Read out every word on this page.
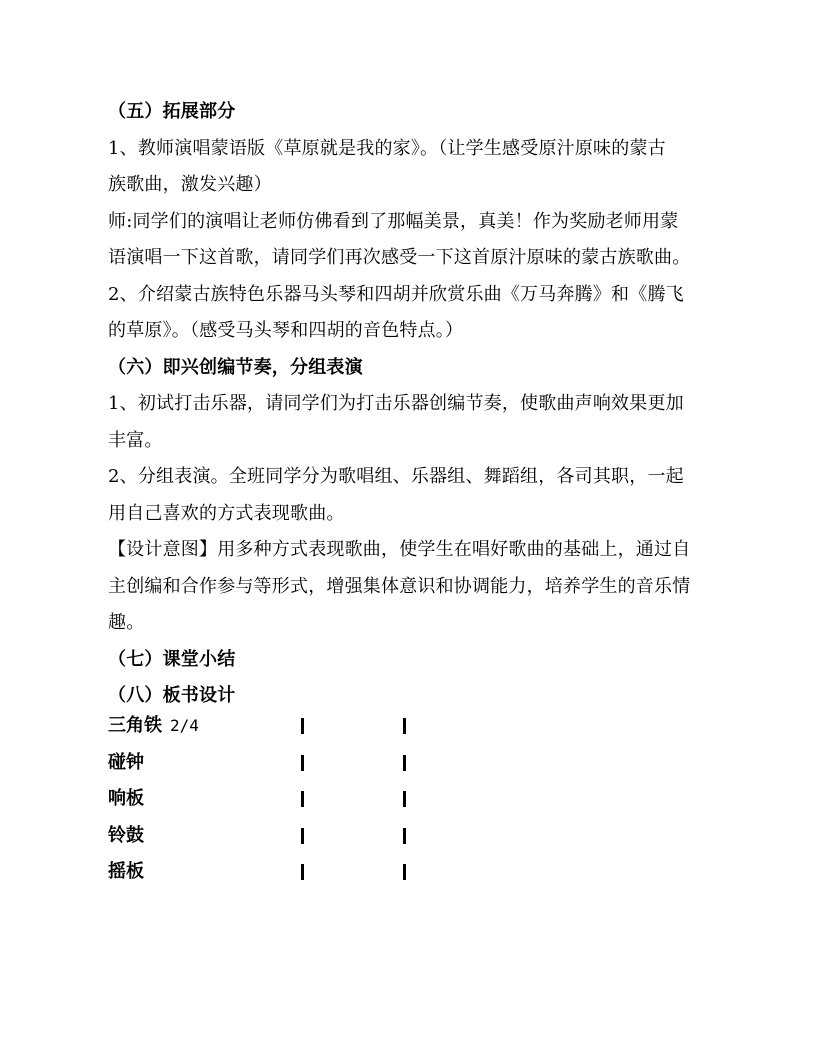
（五）拓展部分
1、教师演唱蒙语版《草原就是我的家》。（让学生感受原汁原味的蒙古
族歌曲，激发兴趣）
师:同学们的演唱让老师仿佛看到了那幅美景，真美！作为奖励老师用蒙
语演唱一下这首歌，请同学们再次感受一下这首原汁原味的蒙古族歌曲。
2、介绍蒙古族特色乐器马头琴和四胡并欣赏乐曲《万马奔腾》和《腾飞
的草原》。（感受马头琴和四胡的音色特点。）
（六）即兴创编节奏，分组表演
1、初试打击乐器，请同学们为打击乐器创编节奏，使歌曲声响效果更加
丰富。
2、分组表演。全班同学分为歌唱组、乐器组、舞蹈组，各司其职，一起
用自己喜欢的方式表现歌曲。
【设计意图】用多种方式表现歌曲，使学生在唱好歌曲的基础上，通过自
主创编和合作参与等形式，增强集体意识和协调能力，培养学生的音乐情
趣。
（七）课堂小结
（八）板书设计
三角铁 2/4
碰钟
响板
铃鼓
摇板
